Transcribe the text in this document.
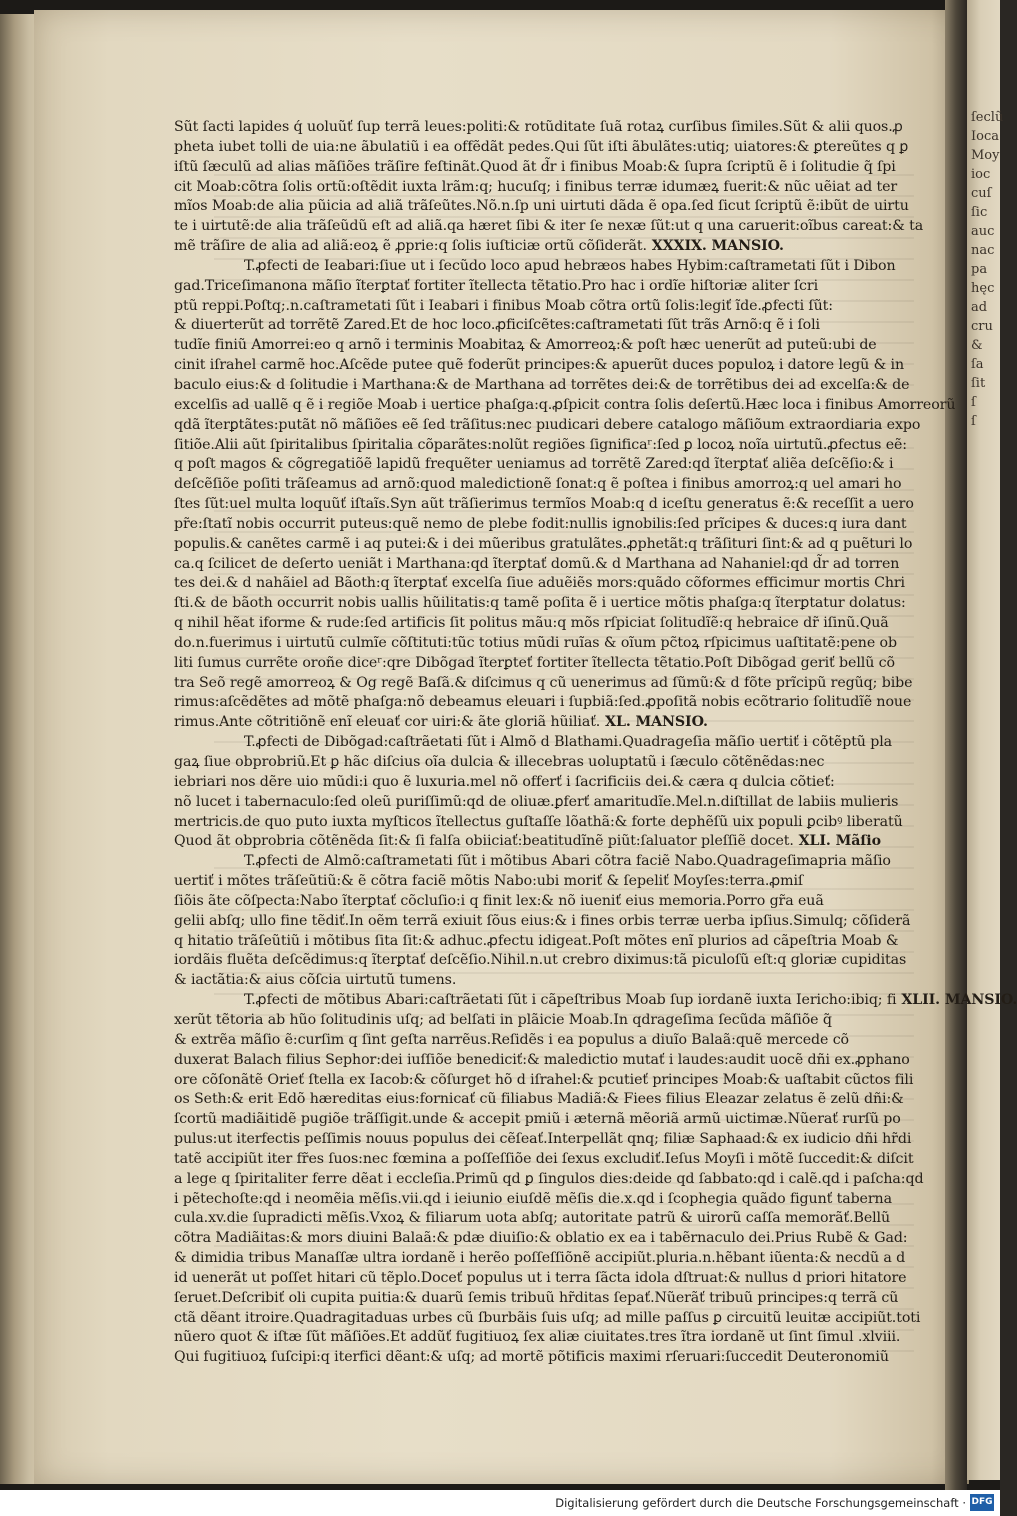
ſeclũ
Ioca
Moy
ioc
cuſ
ſic
auc
nac
pa
hęc
ad
cru
&
ſa
ſit
ſ
ſ
Sũt ſacti lapides q́ uoluũť ſup terrã leues:politi:& rotũditate ſuã rotaꝝ curſibus ſimiles.Sũt & alii quos.ꝓ
pheta iubet tolli de uia:ne ãbulatiũ i ea offẽdãt pedes.Qui ſũt iſti ãbulãtes:utiq; uiatores:& ꝑtereũtes q ꝑ
iſtũ ſæculũ ad alias mãſiões trãſire feſtinãt.Quod ãt d̃r i finibus Moab:& ſupra ſcriptũ ẽ i ſolitudie q̃ ſpi
cit Moab:cõtra ſolis ortũ:oſtẽdit iuxta lrãm:q; hucuſq; i finibus terræ idumæꝝ fuerit:& nũc uẽiat ad ter
mĩos Moab:de alia pũicia ad aliã trãſeũtes.Nõ.n.ſp uni uirtuti dãda ẽ opa.ſed ſicut ſcriptũ ẽ:ibũt de uirtu
te i uirtutẽ:de alia trãſeũdũ eſt ad aliã.qa hæret ſibi & iter ſe nexæ ſũt:ut q una caruerit:oĩbus careat:& ta
mẽ trãſire de alia ad aliã:eoꝝ ẽ ꝓprie:q ſolis iuſticiæ ortũ cõſiderãt. XXXIX. MANSIO.
T.ꝓfecti de Ieabari:ſiue ut i ſecũdo loco apud hebræos habes Hybim:caſtrametati ſũt i Dibon
gad.Triceſimanona mãſio ĩterꝑtať fortiter ĩtellecta tẽtatio.Pro hac i ordĩe hiſtoriæ aliter ſcri
ptũ reppi.Poſtq;.n.caſtrametati ſũt i Ieabari i finibus Moab cõtra ortũ ſolis:legiť ĩde.ꝓfecti ſũt:
& diuerterũt ad torrẽtẽ Zared.Et de hoc loco.ꝓficiſcẽtes:caſtrametati ſũt trãs Arnõ:q ẽ i ſoli
tudĩe finiũ Amorrei:eo q arnõ i terminis Moabitaꝝ & Amorreoꝝ:& poſt hæc uenerũt ad puteũ:ubi de
cinit iſrahel carmẽ hoc.Aſcẽde putee quẽ foderũt principes:& apuerũt duces populoꝝ i datore legũ & in
baculo eius:& d ſolitudie i Marthana:& de Marthana ad torrẽtes dei:& de torrẽtibus dei ad excelſa:& de
excelſis ad uallẽ q ẽ i regiõe Moab i uertice phaſga:q.ꝓſpicit contra ſolis deſertũ.Hæc loca i finibus Amorreorũ
qdã ĩterꝑtãtes:putãt nõ mãſiões eẽ ſed trãſitus:nec pıudicari debere catalogo mãſiõum extraordiaria expo
ſitiõe.Alii aũt ſpiritalibus ſpiritalia cõparãtes:nolũt regiões ſignificaʳ:ſed ꝑ locoꝝ noĩa uirtutũ.ꝓfectus eẽ:
q poſt magos & cõgregatiõẽ lapidũ frequẽter ueniamus ad torrẽtẽ Zared:qd ĩterꝑtať aliẽa deſcẽſio:& i
deſcẽſiõe poſiti trãſeamus ad arnõ:quod maledictionẽ ſonat:q ẽ poſtea i finibus amorroꝝ:q uel amari ho
ſtes ſũt:uel multa loquũť iſtaĩs.Syn aũt trãſierimus termĩos Moab:q d iceſtu generatus ẽ:& receſſit a uero
pr̃e:ſtatĩ nobis occurrit puteus:quẽ nemo de plebe fodit:nullis ignobilis:ſed prĩcipes & duces:q iura dant
populis.& canẽtes carmẽ i aq putei:& i dei mũeribus gratulãtes.ꝓphetãt:q trãſituri ſint:& ad q puẽturi lo
ca.q ſcilicet de deſerto ueniãt i Marthana:qd ĩterꝑtať domũ.& d Marthana ad Nahaniel:qd d̃r ad torren
tes dei.& d nahãiel ad Bãoth:q ĩterꝑtať excelſa ſiue aduẽiẽs mors:quãdo cõformes efficimur mortis Chri
ſti.& de bãoth occurrit nobis uallis hũilitatis:q tamẽ poſita ẽ i uertice mõtis phaſga:q ĩterꝑtatur dolatus:
q nihil hẽat iforme & rude:ſed artificis ſit politus mãu:q mõs rſpiciat ſolitudĩẽ:q hebraice dr̃ iſinũ.Quã
do.n.fuerimus i uirtutũ culmĩe cõſtituti:tũc totius mũdi ruĩas & oĩum pc̃toꝝ rſpicimus uaſtitatẽ:pene ob
liti ſumus currẽte oroñe diceʳ:qre Dibõgad ĩterꝑteť fortiter ĩtellecta tẽtatio.Poſt Dibõgad geriť bellũ cõ
tra Seõ regẽ amorreoꝝ & Og regẽ Baſã.& diſcimus q cũ uenerimus ad ſũmũ:& d fõte prĩcipũ regũq; bibe
rimus:aſcẽdẽtes ad mõtẽ phaſga:nõ debeamus eleuari i ſupbiã:ſed.ꝓpoſitã nobis ecõtrario ſolitudĩẽ noue
rimus.Ante cõtritiõnẽ enĩ eleuať cor uiri:& ãte gloriã hũiliať. XL. MANSIO.
T.ꝓfecti de Dibõgad:caſtrãetati ſũt i Almõ d Blathami.Quadrageſia mãſio uertiť i cõtẽptũ pla
gaꝝ ſiue obprobriũ.Et ꝑ hãc diſcius oĩa dulcia & illecebras uoluptatũ i ſæculo cõtẽnẽdas:nec
iebriari nos dẽre uio mũdi:i quo ẽ luxuria.mel nõ offerť i ſacrificiis dei.& cæra q dulcia cõtieť:
nõ lucet i tabernaculo:ſed oleũ puriſſimũ:qd de oliuæ.ꝑferť amaritudĩe.Mel.n.diſtillat de labiis mulieris
mertricis.de quo puto iuxta myſticos ĩtellectus guſtaſſe lõathã:& forte dephẽſũ uix populi ꝑcibꝰ liberatũ
Quod ãt obprobria cõtẽnẽda ſit:& ſi falſa obiiciať:beatitudĩnẽ piũt:ſaluator pleſſiẽ docet. XLI. Mãſio
T.ꝓfecti de Almõ:caſtrametati ſũt i mõtibus Abari cõtra faciẽ Nabo.Quadrageſimapria mãſio
uertiť i mõtes trãſeũtiũ:& ẽ cõtra faciẽ mõtis Nabo:ubi moriť & ſepeliť Moyſes:terra.ꝓmiſ
ſiõis ãte cõſpecta:Nabo ĩterꝑtať cõcluſio:i q finit lex:& nõ iueniť eius memoria.Porro gr̃a euã
gelii abſq; ullo fine tẽdiť.In oẽm terrã exiuit ſõus eius:& i fines orbis terræ uerba ipſius.Simulq; cõſiderã
q hitatio trãſeũtiũ i mõtibus ſita ſit:& adhuc.ꝓfectu idigeat.Poſt mõtes enĩ plurios ad cãpeſtria Moab &
iordãis fluẽta deſcẽdimus:q ĩterꝑtať deſcẽſio.Nihil.n.ut crebro diximus:tã piculoſũ eſt:q gloriæ cupiditas
& iactãtia:& aius cõſcia uirtutũ tumens.
T.ꝓfecti de mõtibus Abari:caſtrãetati ſũt i cãpeſtribus Moab ſup iordanẽ iuxta Iericho:ibiq; fi XLII. MANSIO.
xerũt tẽtoria ab hũo ſolitudinis uſq; ad belſati in plãicie Moab.In qdrageſima ſecũda mãſiõe q̃
& extrẽa mãſio ẽ:curſim q ſint geſta narrẽus.Reſidẽs i ea populus a diuĩo Balaã:quẽ mercede cõ
duxerat Balach filius Sephor:dei iuſſiõe benediciť:& maledictio mutať i laudes:audit uocẽ dñi ex.ꝓphano
ore cõſonãtẽ Orieť ſtella ex Iacob:& cõſurget hõ d iſrahel:& pcutieť principes Moab:& uaſtabit cũctos fili
os Seth:& erit Edõ hæreditas eius:fornicať cũ filiabus Madiã:& Fiees filius Eleazar zelatus ẽ zelũ dñi:&
ſcortũ madiãitidẽ pugiõe trãſſigit.unde & accepit pmiũ i æternã mẽoriã armũ uictimæ.Nũerať rurſũ po
pulus:ut iterfectis peſſimis nouus populus dei cẽſeať.Interpellãt qnq; filiæ Saphaad:& ex iudicio dñi hr̃di
tatẽ accipiũt iter fr̃es ſuos:nec fœmina a poſſeſſiõe dei ſexus excludiť.Ieſus Moyſi i mõtẽ ſuccedit:& diſcit
a lege q ſpiritaliter ferre dẽat i eccleſia.Primũ qd ꝑ ſingulos dies:deide qd ſabbato:qd i calẽ.qd i paſcha:qd
i pẽtechoſte:qd i neomẽia mẽſis.vii.qd i ieiunio eiuſdẽ mẽſis die.x.qd i ſcophegia quãdo figunť taberna
cula.xv.die ſupradicti mẽſis.Vxoꝝ & filiarum uota abſq; autoritate patrũ & uirorũ caſſa memorãť.Bellũ
cõtra Madiãitas:& mors diuini Balaã:& pdæ diuiſio:& oblatio ex ea i tabẽrnaculo dei.Prius Rubẽ & Gad:
& dimidia tribus Manaſſæ ultra iordanẽ i herẽo poſſeſſiõnẽ accipiũt.pluria.n.hẽbant iũenta:& necdũ a d
id uenerãt ut poſſet hitari cũ tẽplo.Doceť populus ut i terra ſãcta idola dſtruat:& nullus d priori hitatore
ſeruet.Deſcribiť oli cupita puitia:& duarũ ſemis tribuũ hr̃ditas ſepať.Nũerãť tribuũ principes:q terrã cũ
ctã dẽant itroire.Quadragitaduas urbes cũ ſburbãis ſuis uſq; ad mille paſſus ꝑ circuitũ leuitæ accipiũt.toti
nũero quot & iſtæ ſũt mãſiões.Et addũť fugitiuoꝝ ſex aliæ ciuitates.tres ĩtra iordanẽ ut ſint ſimul .xlviii.
Qui fugitiuoꝝ ſuſcipi:q iterfici dẽant:& uſq; ad mortẽ põtificis maximi rſeruari:ſuccedit Deuteronomiũ
Digitalisierung gefördert durch die Deutsche Forschungsgemeinschaft · DFG
